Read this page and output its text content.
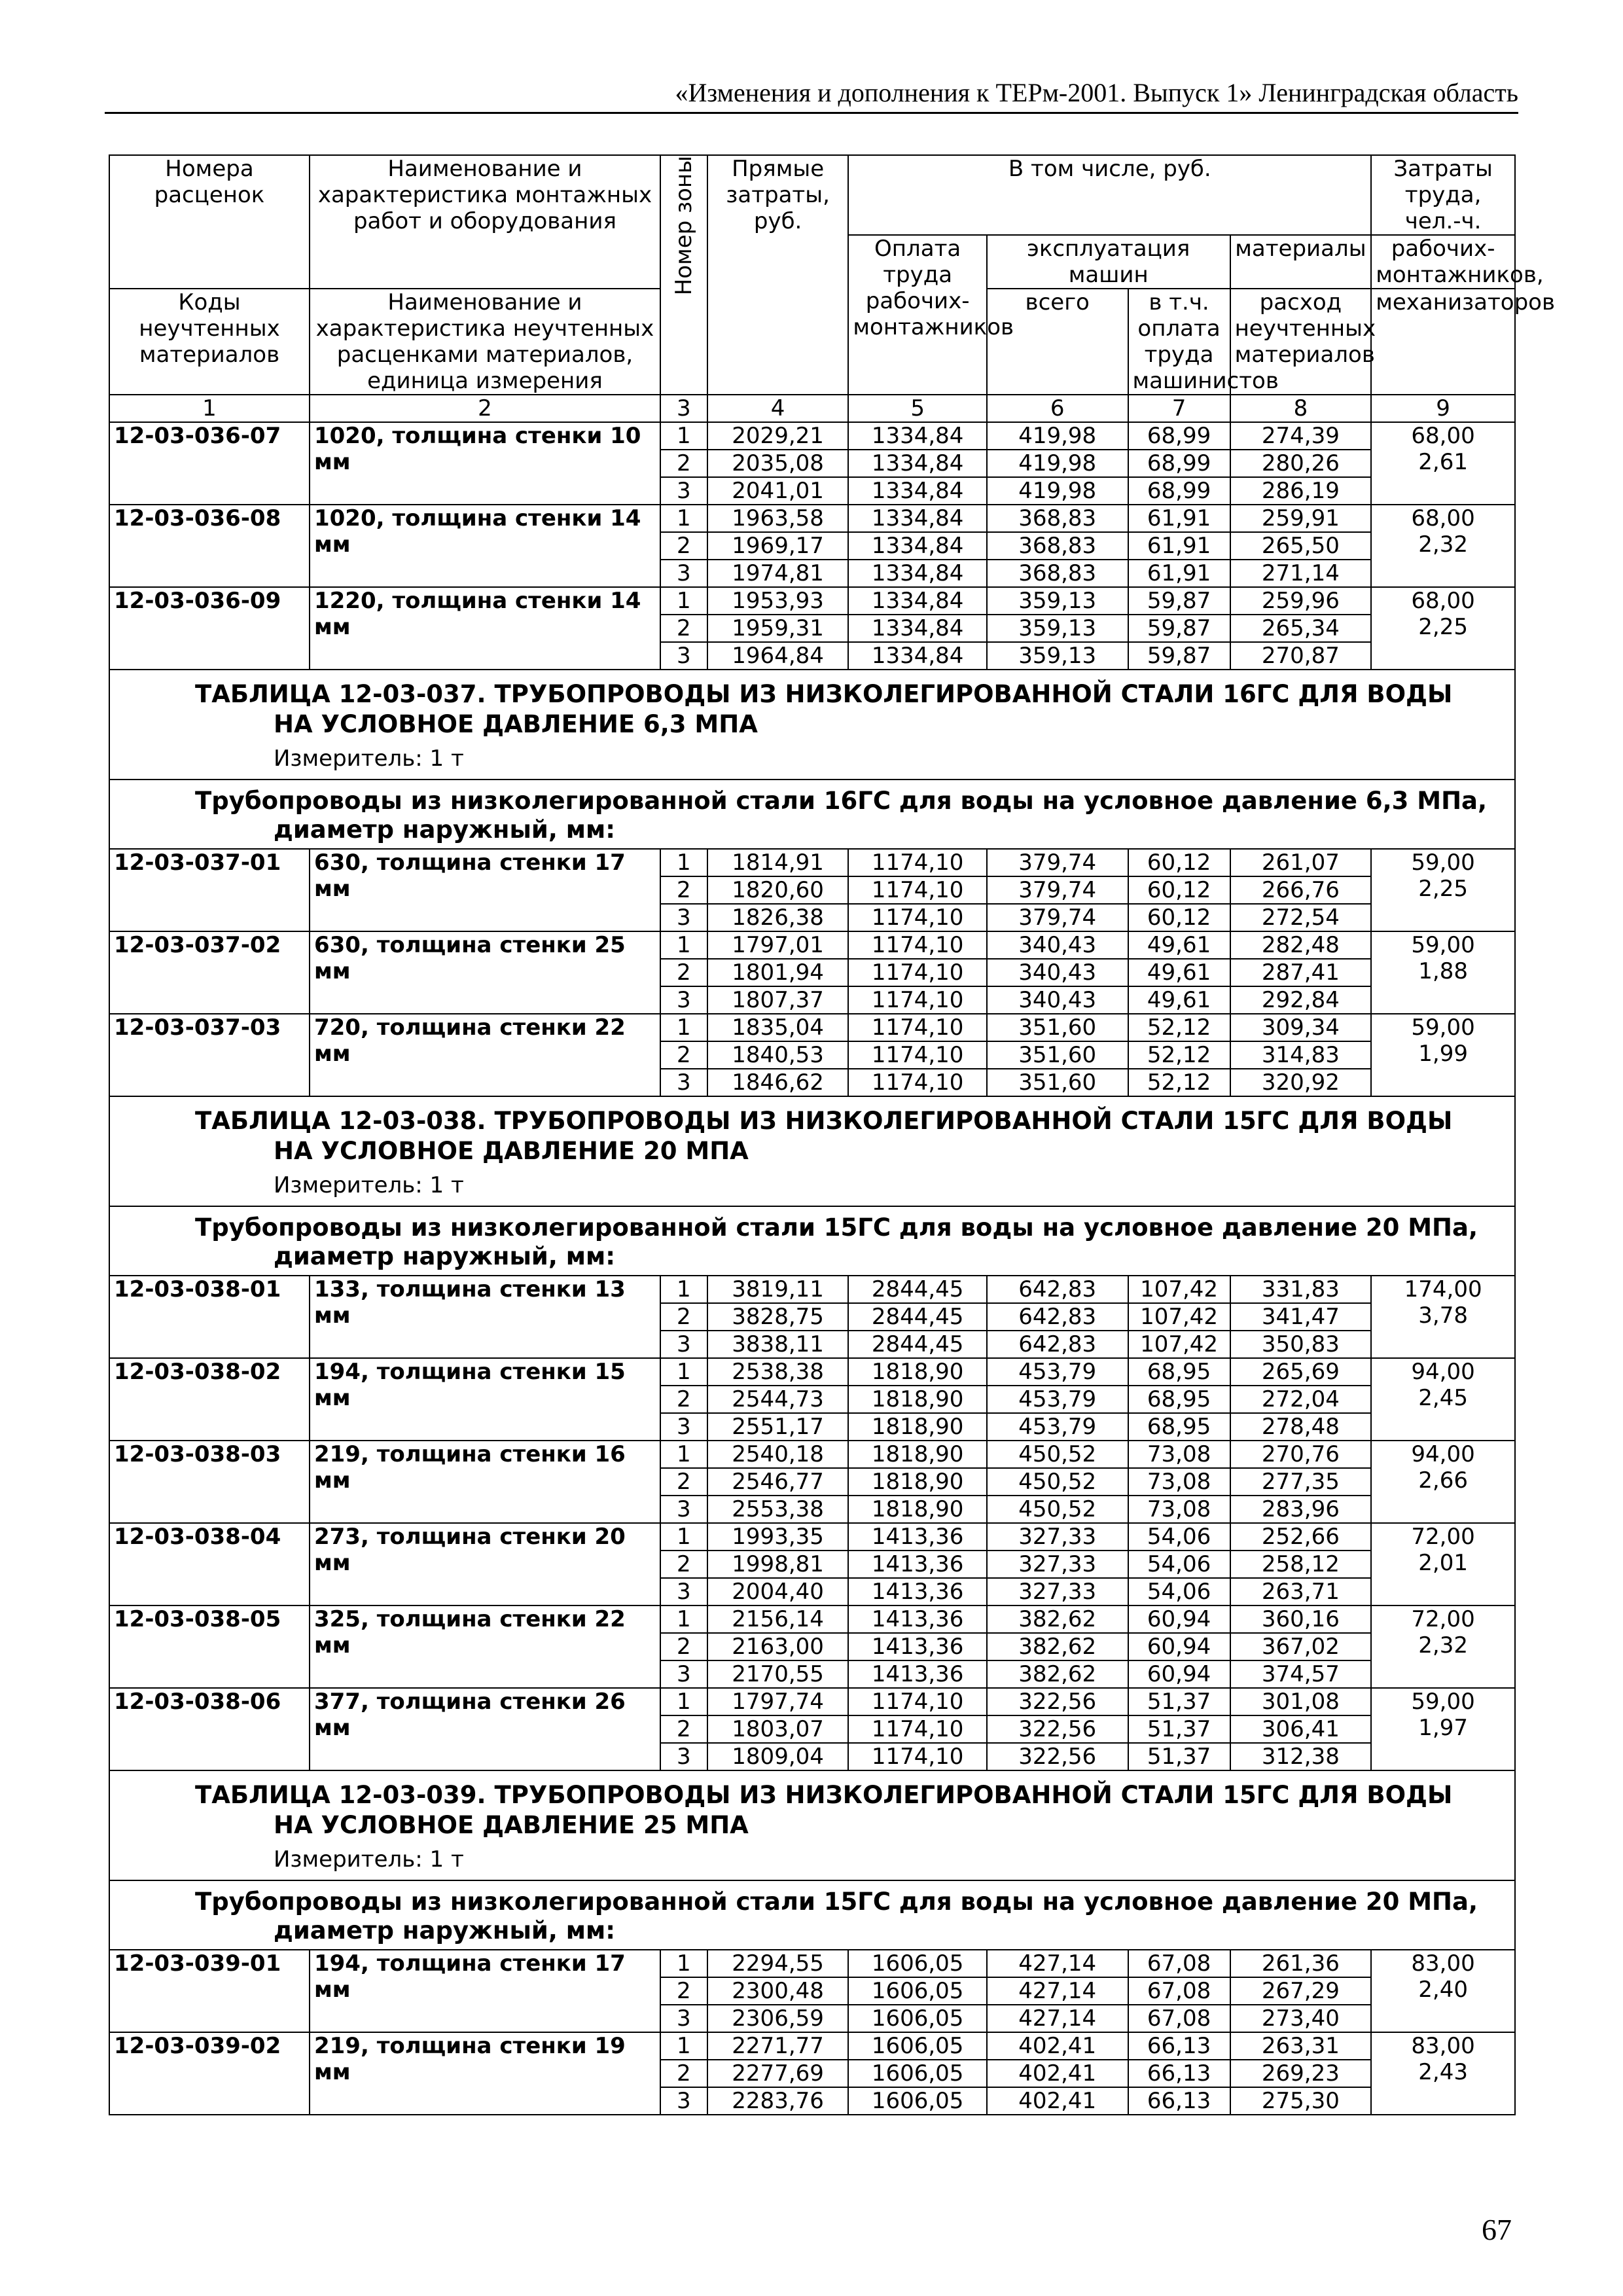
«Изменения и дополнения к ТЕРм-2001. Выпуск 1» Ленинградская область
Номера расценок	Наименование и характеристика монтажных работ и оборудования	Номер зоны	Прямые затраты, руб.	В том числе, руб.				Затраты труда, чел.-ч.
				Оплата труда рабочих-монтажников	эксплуатация машин		материалы	рабочих-монтажников,
Коды неучтенных материалов	Наименование и характеристика неучтенных расценками материалов, единица измерения				всего	в т.ч. оплата труда машинистов	расход неучтенных материалов	механизаторов

1	2	3	4	5	6	7	8	9
12-03-036-07	1020, толщина стенки 10 мм	1	2029,21	1334,84	419,98	68,99	274,39	68,00
2,61

		2	2035,08	1334,84	419,98	68,99	280,26	
		3	2041,01	1334,84	419,98	68,99	286,19	
12-03-036-08	1020, толщина стенки 14 мм	1	1963,58	1334,84	368,83	61,91	259,91	68,00
2,32

		2	1969,17	1334,84	368,83	61,91	265,50	
		3	1974,81	1334,84	368,83	61,91	271,14	
12-03-036-09	1220, толщина стенки 14 мм	1	1953,93	1334,84	359,13	59,87	259,96	68,00
2,25

		2	1959,31	1334,84	359,13	59,87	265,34	
		3	1964,84	1334,84	359,13	59,87	270,87	

ТАБЛИЦА 12-03-037. ТРУБОПРОВОДЫ ИЗ НИЗКОЛЕГИРОВАННОЙ СТАЛИ 16ГС ДЛЯ ВОДЫ
НА УСЛОВНОЕ ДАВЛЕНИЕ 6,3 МПА
Измеритель: 1 т								

Трубопроводы из низколегированной стали 16ГС для воды на условное давление 6,3 МПа,
диаметр наружный, мм:								

12-03-037-01	630, толщина стенки 17 мм	1	1814,91	1174,10	379,74	60,12	261,07	59,00
2,25

		2	1820,60	1174,10	379,74	60,12	266,76	
		3	1826,38	1174,10	379,74	60,12	272,54	
12-03-037-02	630, толщина стенки 25 мм	1	1797,01	1174,10	340,43	49,61	282,48	59,00
1,88

		2	1801,94	1174,10	340,43	49,61	287,41	
		3	1807,37	1174,10	340,43	49,61	292,84	
12-03-037-03	720, толщина стенки 22 мм	1	1835,04	1174,10	351,60	52,12	309,34	59,00
1,99

		2	1840,53	1174,10	351,60	52,12	314,83	
		3	1846,62	1174,10	351,60	52,12	320,92	

ТАБЛИЦА 12-03-038. ТРУБОПРОВОДЫ ИЗ НИЗКОЛЕГИРОВАННОЙ СТАЛИ 15ГС ДЛЯ ВОДЫ
НА УСЛОВНОЕ ДАВЛЕНИЕ 20 МПА
Измеритель: 1 т								

Трубопроводы из низколегированной стали 15ГС для воды на условное давление 20 МПа,
диаметр наружный, мм:								

12-03-038-01	133, толщина стенки 13 мм	1	3819,11	2844,45	642,83	107,42	331,83	174,00
3,78

		2	3828,75	2844,45	642,83	107,42	341,47	
		3	3838,11	2844,45	642,83	107,42	350,83	
12-03-038-02	194, толщина стенки 15 мм	1	2538,38	1818,90	453,79	68,95	265,69	94,00
2,45

		2	2544,73	1818,90	453,79	68,95	272,04	
		3	2551,17	1818,90	453,79	68,95	278,48	
12-03-038-03	219, толщина стенки 16 мм	1	2540,18	1818,90	450,52	73,08	270,76	94,00
2,66

		2	2546,77	1818,90	450,52	73,08	277,35	
		3	2553,38	1818,90	450,52	73,08	283,96	
12-03-038-04	273, толщина стенки 20 мм	1	1993,35	1413,36	327,33	54,06	252,66	72,00
2,01

		2	1998,81	1413,36	327,33	54,06	258,12	
		3	2004,40	1413,36	327,33	54,06	263,71	
12-03-038-05	325, толщина стенки 22 мм	1	2156,14	1413,36	382,62	60,94	360,16	72,00
2,32

		2	2163,00	1413,36	382,62	60,94	367,02	
		3	2170,55	1413,36	382,62	60,94	374,57	
12-03-038-06	377, толщина стенки 26 мм	1	1797,74	1174,10	322,56	51,37	301,08	59,00
1,97

		2	1803,07	1174,10	322,56	51,37	306,41	
		3	1809,04	1174,10	322,56	51,37	312,38	

ТАБЛИЦА 12-03-039. ТРУБОПРОВОДЫ ИЗ НИЗКОЛЕГИРОВАННОЙ СТАЛИ 15ГС ДЛЯ ВОДЫ
НА УСЛОВНОЕ ДАВЛЕНИЕ 25 МПА
Измеритель: 1 т								

Трубопроводы из низколегированной стали 15ГС для воды на условное давление 20 МПа,
диаметр наружный, мм:								

12-03-039-01	194, толщина стенки 17 мм	1	2294,55	1606,05	427,14	67,08	261,36	83,00
2,40

		2	2300,48	1606,05	427,14	67,08	267,29	
		3	2306,59	1606,05	427,14	67,08	273,40	
12-03-039-02	219, толщина стенки 19 мм	1	2271,77	1606,05	402,41	66,13	263,31	83,00
2,43

		2	2277,69	1606,05	402,41	66,13	269,23	
		3	2283,76	1606,05	402,41	66,13	275,30	
67
